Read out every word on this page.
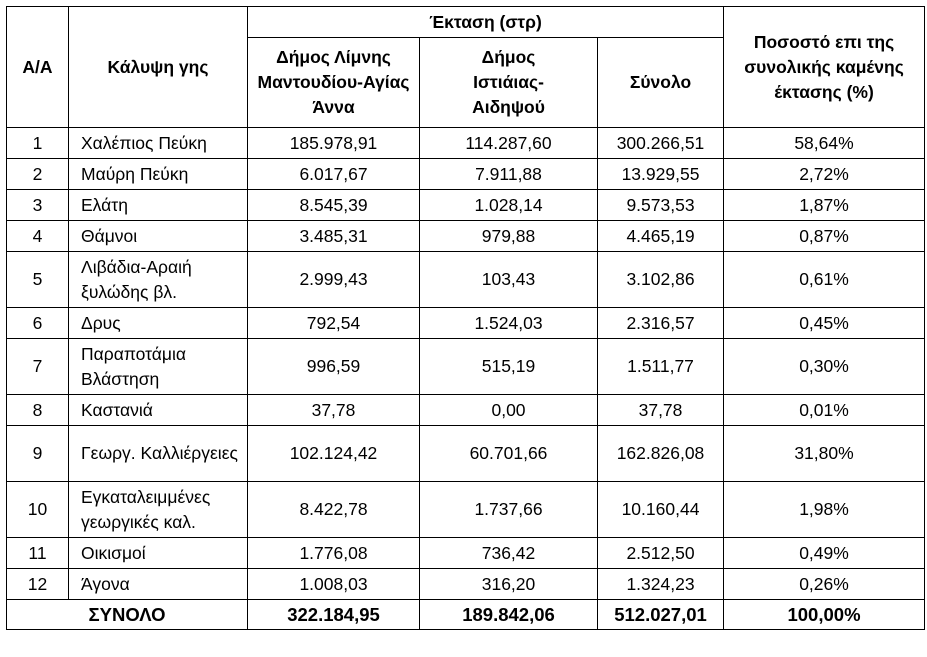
Α/Α	Κάλυψη γης	Έκταση (στρ)			Ποσοστό επι της συνολικής καμένης έκτασης (%)
		Δήμος Λίμνης Μαντουδίου-Αγίας Άννα	Δήμος Ιστιάιας-Αιδηψού	Σύνολο	
1	Χαλέπιος Πεύκη	185.978,91	114.287,60	300.266,51	58,64%
2	Μαύρη Πεύκη	6.017,67	7.911,88	13.929,55	2,72%
3	Ελάτη	8.545,39	1.028,14	9.573,53	1,87%
4	Θάμνοι	3.485,31	979,88	4.465,19	0,87%
5	Λιβάδια-Αραιή ξυλώδης βλ.	2.999,43	103,43	3.102,86	0,61%
6	Δρυς	792,54	1.524,03	2.316,57	0,45%
7	Παραποτάμια Βλάστηση	996,59	515,19	1.511,77	0,30%
8	Καστανιά	37,78	0,00	37,78	0,01%
9	Γεωργ. Καλλιέργειες	102.124,42	60.701,66	162.826,08	31,80%
10	Εγκαταλειμμένες γεωργικές καλ.	8.422,78	1.737,66	10.160,44	1,98%
11	Οικισμοί	1.776,08	736,42	2.512,50	0,49%
12	Άγονα	1.008,03	316,20	1.324,23	0,26%
ΣΥΝΟΛΟ		322.184,95	189.842,06	512.027,01	100,00%
